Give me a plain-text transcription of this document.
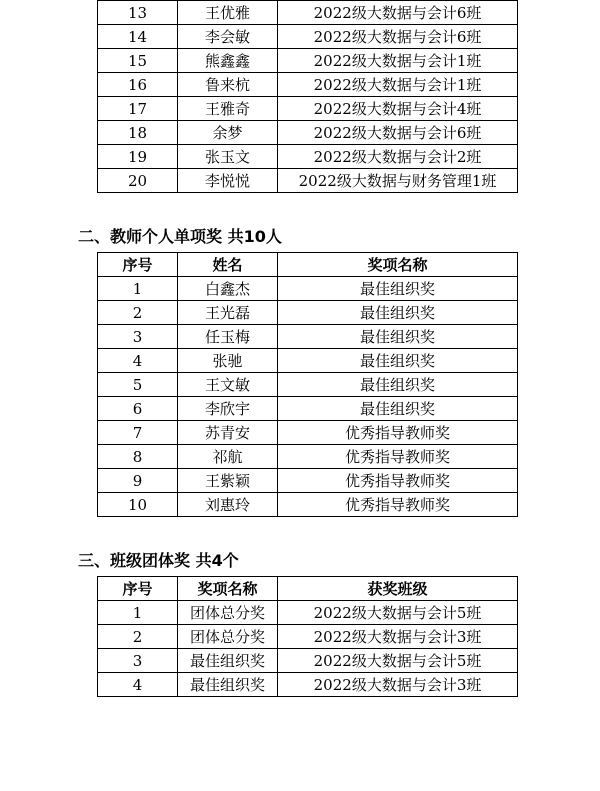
13	王优雅	2022级大数据与会计6班
14	李会敏	2022级大数据与会计6班
15	熊鑫鑫	2022级大数据与会计1班
16	鲁来杭	2022级大数据与会计1班
17	王雅奇	2022级大数据与会计4班
18	余梦	2022级大数据与会计6班
19	张玉文	2022级大数据与会计2班
20	李悦悦	2022级大数据与财务管理1班
二、教师个人单项奖 共10人
序号	姓名	奖项名称
1	白鑫杰	最佳组织奖
2	王光磊	最佳组织奖
3	任玉梅	最佳组织奖
4	张驰	最佳组织奖
5	王文敏	最佳组织奖
6	李欣宇	最佳组织奖
7	苏青安	优秀指导教师奖
8	祁航	优秀指导教师奖
9	王紫颖	优秀指导教师奖
10	刘惠玲	优秀指导教师奖
三、班级团体奖 共4个
序号	奖项名称	获奖班级
1	团体总分奖	2022级大数据与会计5班
2	团体总分奖	2022级大数据与会计3班
3	最佳组织奖	2022级大数据与会计5班
4	最佳组织奖	2022级大数据与会计3班
